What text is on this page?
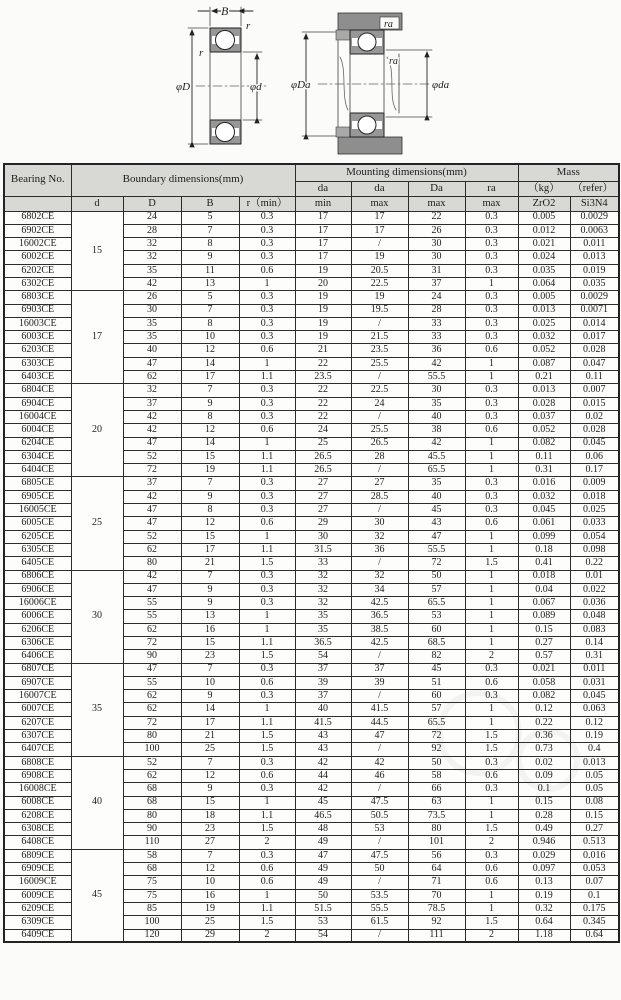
B
φD	φd
r
r
ra
ra
φDa	φda
Bearing No.	Boundary dimensions(mm)				Mounting dimensions(mm)				Mass	
					da	da	Da	ra	（kg） （refer）	
	d	D	B	r（min）	min	max	max	max	ZrO2	Si3N4
6802CE	15	24	5	0.3	17	17	22	0.3	0.005	0.0029
6902CE		28	7	0.3	17	17	26	0.3	0.012	0.0063
16002CE		32	8	0.3	17	/	30	0.3	0.021	0.011
6002CE		32	9	0.3	17	19	30	0.3	0.024	0.013
6202CE		35	11	0.6	19	20.5	31	0.3	0.035	0.019
6302CE		42	13	1	20	22.5	37	1	0.064	0.035
6803CE	17	26	5	0.3	19	19	24	0.3	0.005	0.0029
6903CE		30	7	0.3	19	19.5	28	0.3	0.013	0.0071
16003CE		35	8	0.3	19	/	33	0.3	0.025	0.014
6003CE		35	10	0.3	19	21.5	33	0.3	0.032	0.017
6203CE		40	12	0.6	21	23.5	36	0.6	0.052	0.028
6303CE		47	14	1	22	25.5	42	1	0.087	0.047
6403CE		62	17	1.1	23.5	/	55.5	1	0.21	0.11
6804CE	20	32	7	0.3	22	22.5	30	0.3	0.013	0.007
6904CE		37	9	0.3	22	24	35	0.3	0.028	0.015
16004CE		42	8	0.3	22	/	40	0.3	0.037	0.02
6004CE		42	12	0.6	24	25.5	38	0.6	0.052	0.028
6204CE		47	14	1	25	26.5	42	1	0.082	0.045
6304CE		52	15	1.1	26.5	28	45.5	1	0.11	0.06
6404CE		72	19	1.1	26.5	/	65.5	1	0.31	0.17
6805CE	25	37	7	0.3	27	27	35	0.3	0.016	0.009
6905CE		42	9	0.3	27	28.5	40	0.3	0.032	0.018
16005CE		47	8	0.3	27	/	45	0.3	0.045	0.025
6005CE		47	12	0.6	29	30	43	0.6	0.061	0.033
6205CE		52	15	1	30	32	47	1	0.099	0.054
6305CE		62	17	1.1	31.5	36	55.5	1	0.18	0.098
6405CE		80	21	1.5	33	/	72	1.5	0.41	0.22
6806CE	30	42	7	0.3	32	32	50	1	0.018	0.01
6906CE		47	9	0.3	32	34	57	1	0.04	0.022
16006CE		55	9	0.3	32	42.5	65.5	1	0.067	0.036
6006CE		55	13	1	35	36.5	53	1	0.089	0.048
6206CE		62	16	1	35	38.5	60	1	0.15	0.083
6306CE		72	15	1.1	36.5	42.5	68.5	1	0.27	0.14
6406CE		90	23	1.5	54	/	82	2	0.57	0.31
6807CE	35	47	7	0.3	37	37	45	0.3	0.021	0.011
6907CE		55	10	0.6	39	39	51	0.6	0.058	0.031
16007CE		62	9	0.3	37	/	60	0.3	0.082	0.045
6007CE		62	14	1	40	41.5	57	1	0.12	0.063
6207CE		72	17	1.1	41.5	44.5	65.5	1	0.22	0.12
6307CE		80	21	1.5	43	47	72	1.5	0.36	0.19
6407CE		100	25	1.5	43	/	92	1.5	0.73	0.4
6808CE	40	52	7	0.3	42	42	50	0.3	0.02	0.013
6908CE		62	12	0.6	44	46	58	0.6	0.09	0.05
16008CE		68	9	0.3	42	/	66	0.3	0.1	0.05
6008CE		68	15	1	45	47.5	63	1	0.15	0.08
6208CE		80	18	1.1	46.5	50.5	73.5	1	0.28	0.15
6308CE		90	23	1.5	48	53	80	1.5	0.49	0.27
6408CE		110	27	2	49	/	101	2	0.946	0.513
6809CE	45	58	7	0.3	47	47.5	56	0.3	0.029	0.016
6909CE		68	12	0.6	49	50	64	0.6	0.097	0.053
16009CE		75	10	0.6	49	/	71	0.6	0.13	0.07
6009CE		75	16	1	50	53.5	70	1	0.19	0.1
6209CE		85	19	1.1	51.5	55.5	78.5	1	0.32	0.175
6309CE		100	25	1.5	53	61.5	92	1.5	0.64	0.345
6409CE		120	29	2	54	/	111	2	1.18	0.64
